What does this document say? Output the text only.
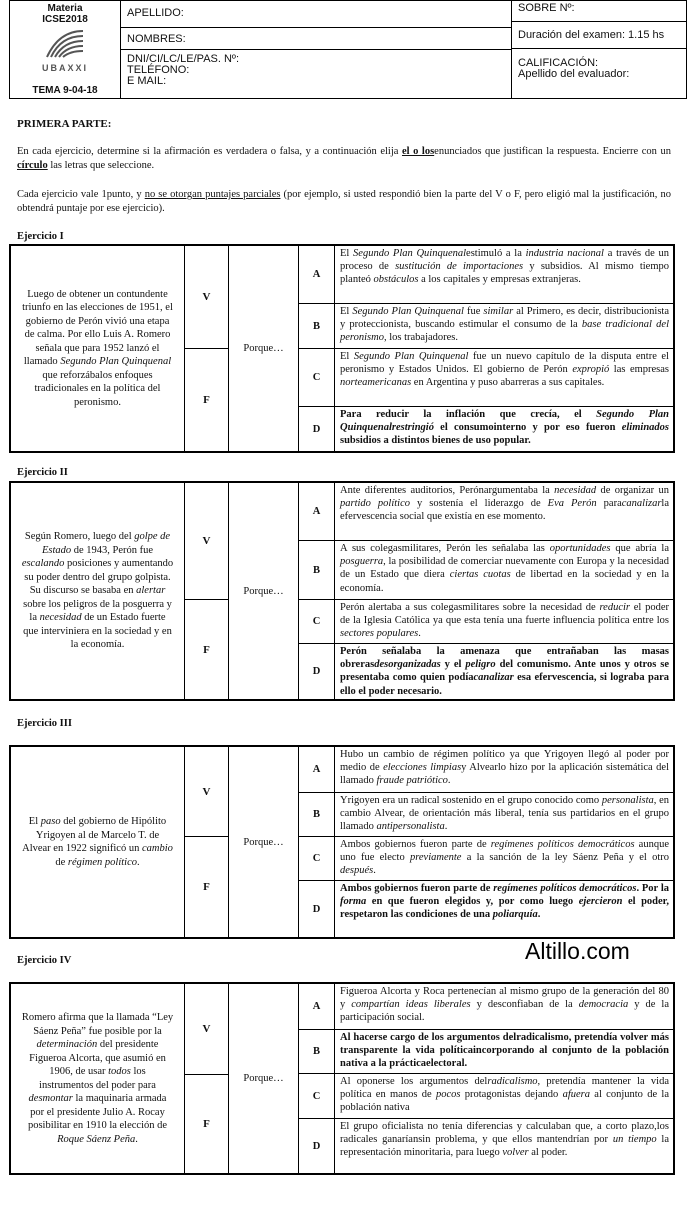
Materia
ICSE2018
UBAXXI
TEMA 9-04-18
APELLIDO:
NOMBRES:
DNI/CI/LC/LE/PAS. Nº:
TELÉFONO:
E MAIL:
SOBRE Nº:
Duración del examen: 1.15 hs
CALIFICACIÓN:
Apellido del evaluador:
PRIMERA PARTE:
En cada ejercicio, determine si la afirmación es verdadera o falsa, y a continuación elija el o losenunciados que justifican la respuesta. Encierre con un círculo las letras que seleccione.
Cada ejercicio vale 1punto, y no se otorgan puntajes parciales (por ejemplo, si usted respondió bien la parte del V o F, pero eligió mal la justificación, no obtendrá puntaje por ese ejercicio).
Ejercicio I
Luego de obtener un contundente triunfo en las elecciones de 1951, el gobierno de Perón vivió una etapa de calma. Por ello Luis A. Romero señala que para 1952 lanzó el llamado Segundo Plan Quinquenal que reforzábalos enfoques tradicionales en la política del peronismo.
V
F
Porque…
A
El Segundo Plan Quinquenalestimuló a la industria nacional a través de un proceso de sustitución de importaciones y subsidios. Al mismo tiempo planteó obstáculos a los capitales y empresas extranjeras.
B
El Segundo Plan Quinquenal fue similar al Primero, es decir, distribucionista y proteccionista, buscando estimular el consumo de la base tradicional del peronismo, los trabajadores.
C
El Segundo Plan Quinquenal fue un nuevo capítulo de la disputa entre el peronismo y Estados Unidos. El gobierno de Perón expropió las empresas norteamericanas en Argentina y puso abarreras a sus capitales.
D
Para reducir la inflación que crecía, el Segundo Plan Quinquenalrestringió el consumointerno y por eso fueron eliminados subsidios a distintos bienes de uso popular.
Ejercicio II
Según Romero, luego del golpe de Estado de 1943, Perón fue escalando posiciones y aumentando su poder dentro del grupo golpista. Su discurso se basaba en alertar sobre los peligros de la posguerra y la necesidad de un Estado fuerte que interviniera en la sociedad y en la economía.
V
F
Porque…
A
Ante diferentes auditorios, Perónargumentaba la necesidad de organizar un partido político y sostenía el liderazgo de Eva Perón paracanalizarla efervescencia social que existía en ese momento.
B
A sus colegasmilitares, Perón les señalaba las oportunidades que abría la posguerra, la posibilidad de comerciar nuevamente con Europa y la necesidad de un Estado que diera ciertas cuotas de libertad en la sociedad y en la economía.
C
Perón alertaba a sus colegasmilitares sobre la necesidad de reducir el poder de la Iglesia Católica ya que esta tenía una fuerte influencia política entre los sectores populares.
D
Perón señalaba la amenaza que entrañaban las masas obrerasdesorganizadas y el peligro del comunismo. Ante unos y otros se presentaba como quien podíacanalizar esa efervescencia, si lograba para ello el poder necesario.
Ejercicio III
El paso del gobierno de Hipólito Yrigoyen al de Marcelo T. de Alvear en 1922 significó un cambio de régimen político.
V
F
Porque…
A
Hubo un cambio de régimen político ya que Yrigoyen llegó al poder por medio de elecciones limpiasy Alvearlo hizo por la aplicación sistemática del llamado fraude patriótico.
B
Yrigoyen era un radical sostenido en el grupo conocido como personalista, en cambio Alvear, de orientación más liberal, tenía sus partidarios en el grupo llamado antipersonalista.
C
Ambos gobiernos fueron parte de regímenes políticos democráticos aunque uno fue electo previamente a la sanción de la ley Sáenz Peña y el otro después.
D
Ambos gobiernos fueron parte de regímenes políticos democráticos. Por la forma en que fueron elegidos y, por como luego ejercieron el poder, respetaron las condiciones de una poliarquía.
Altillo.com
Ejercicio IV
Romero afirma que la llamada “Ley Sáenz Peña” fue posible por la determinación del presidente Figueroa Alcorta, que asumió en 1906, de usar todos los instrumentos del poder para desmontar la maquinaria armada por el presidente Julio A. Rocay posibilitar en 1910 la elección de Roque Sáenz Peña.
V
F
Porque…
A
Figueroa Alcorta y Roca pertenecían al mismo grupo de la generación del 80 y compartían ideas liberales y desconfiaban de la democracia y de la participación social.
B
Al hacerse cargo de los argumentos delradicalismo, pretendía volver más transparente la vida políticaincorporando al conjunto de la población nativa a la prácticaelectoral.
C
Al oponerse los argumentos delradicalismo, pretendía mantener la vida política en manos de pocos protagonistas dejando afuera al conjunto de la población nativa
D
El grupo oficialista no tenía diferencias y calculaban que, a corto plazo,los radicales ganaríansin problema, y que ellos mantendrían por un tiempo la representación minoritaria, para luego volver al poder.
